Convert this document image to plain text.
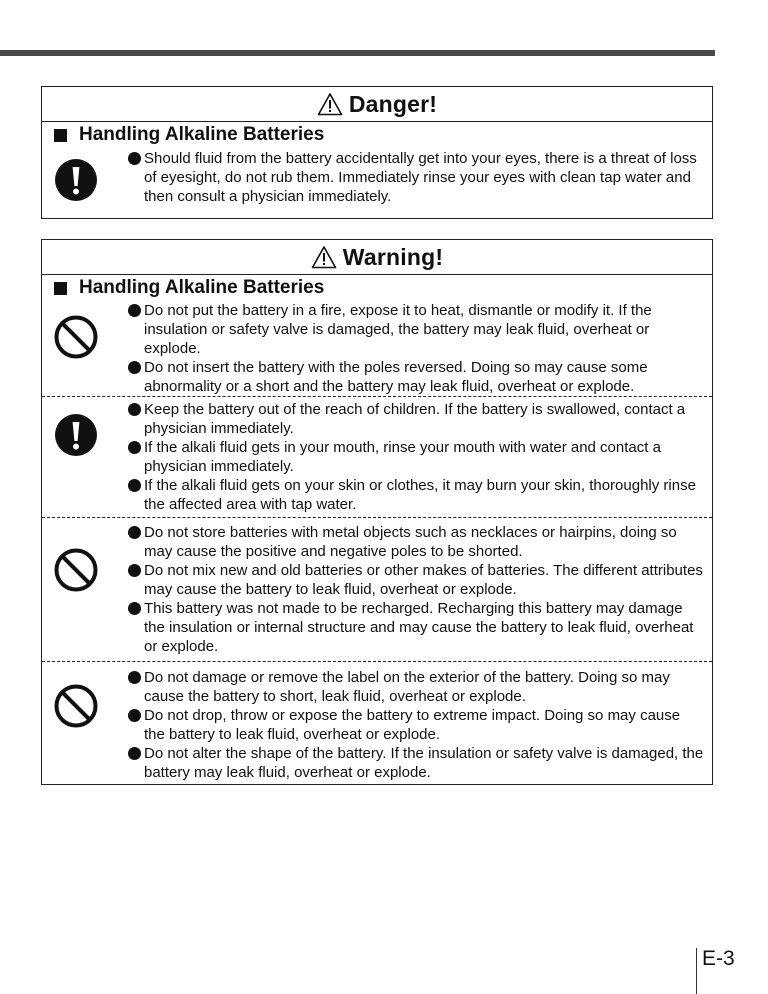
Danger!
Handling Alkaline Batteries
Should fluid from the battery accidentally get into your eyes, there is a threat of loss of eyesight, do not rub them. Immediately rinse your eyes with clean tap water and then consult a physician immediately.
Warning!
Handling Alkaline Batteries
Do not put the battery in a fire, expose it to heat, dismantle or modify it. If the insulation or safety valve is damaged, the battery may leak fluid, overheat or explode.
Do not insert the battery with the poles reversed. Doing so may cause some abnormality or a short and the battery may leak fluid, overheat or explode.
Keep the battery out of the reach of children. If the battery is swallowed, contact a physician immediately.
If the alkali fluid gets in your mouth, rinse your mouth with water and contact a physician immediately.
If the alkali fluid gets on your skin or clothes, it may burn your skin, thoroughly rinse the affected area with tap water.
Do not store batteries with metal objects such as necklaces or hairpins, doing so may cause the positive and negative poles to be shorted.
Do not mix new and old batteries or other makes of batteries. The different attributes may cause the battery to leak fluid, overheat or explode.
This battery was not made to be recharged. Recharging this battery may damage the insulation or internal structure and may cause the battery to leak fluid, overheat or explode.
Do not damage or remove the label on the exterior of the battery. Doing so may cause the battery to short, leak fluid, overheat or explode.
Do not drop, throw or expose the battery to extreme impact. Doing so may cause the battery to leak fluid, overheat or explode.
Do not alter the shape of the battery. If the insulation or safety valve is damaged, the battery may leak fluid, overheat or explode.
E-3
